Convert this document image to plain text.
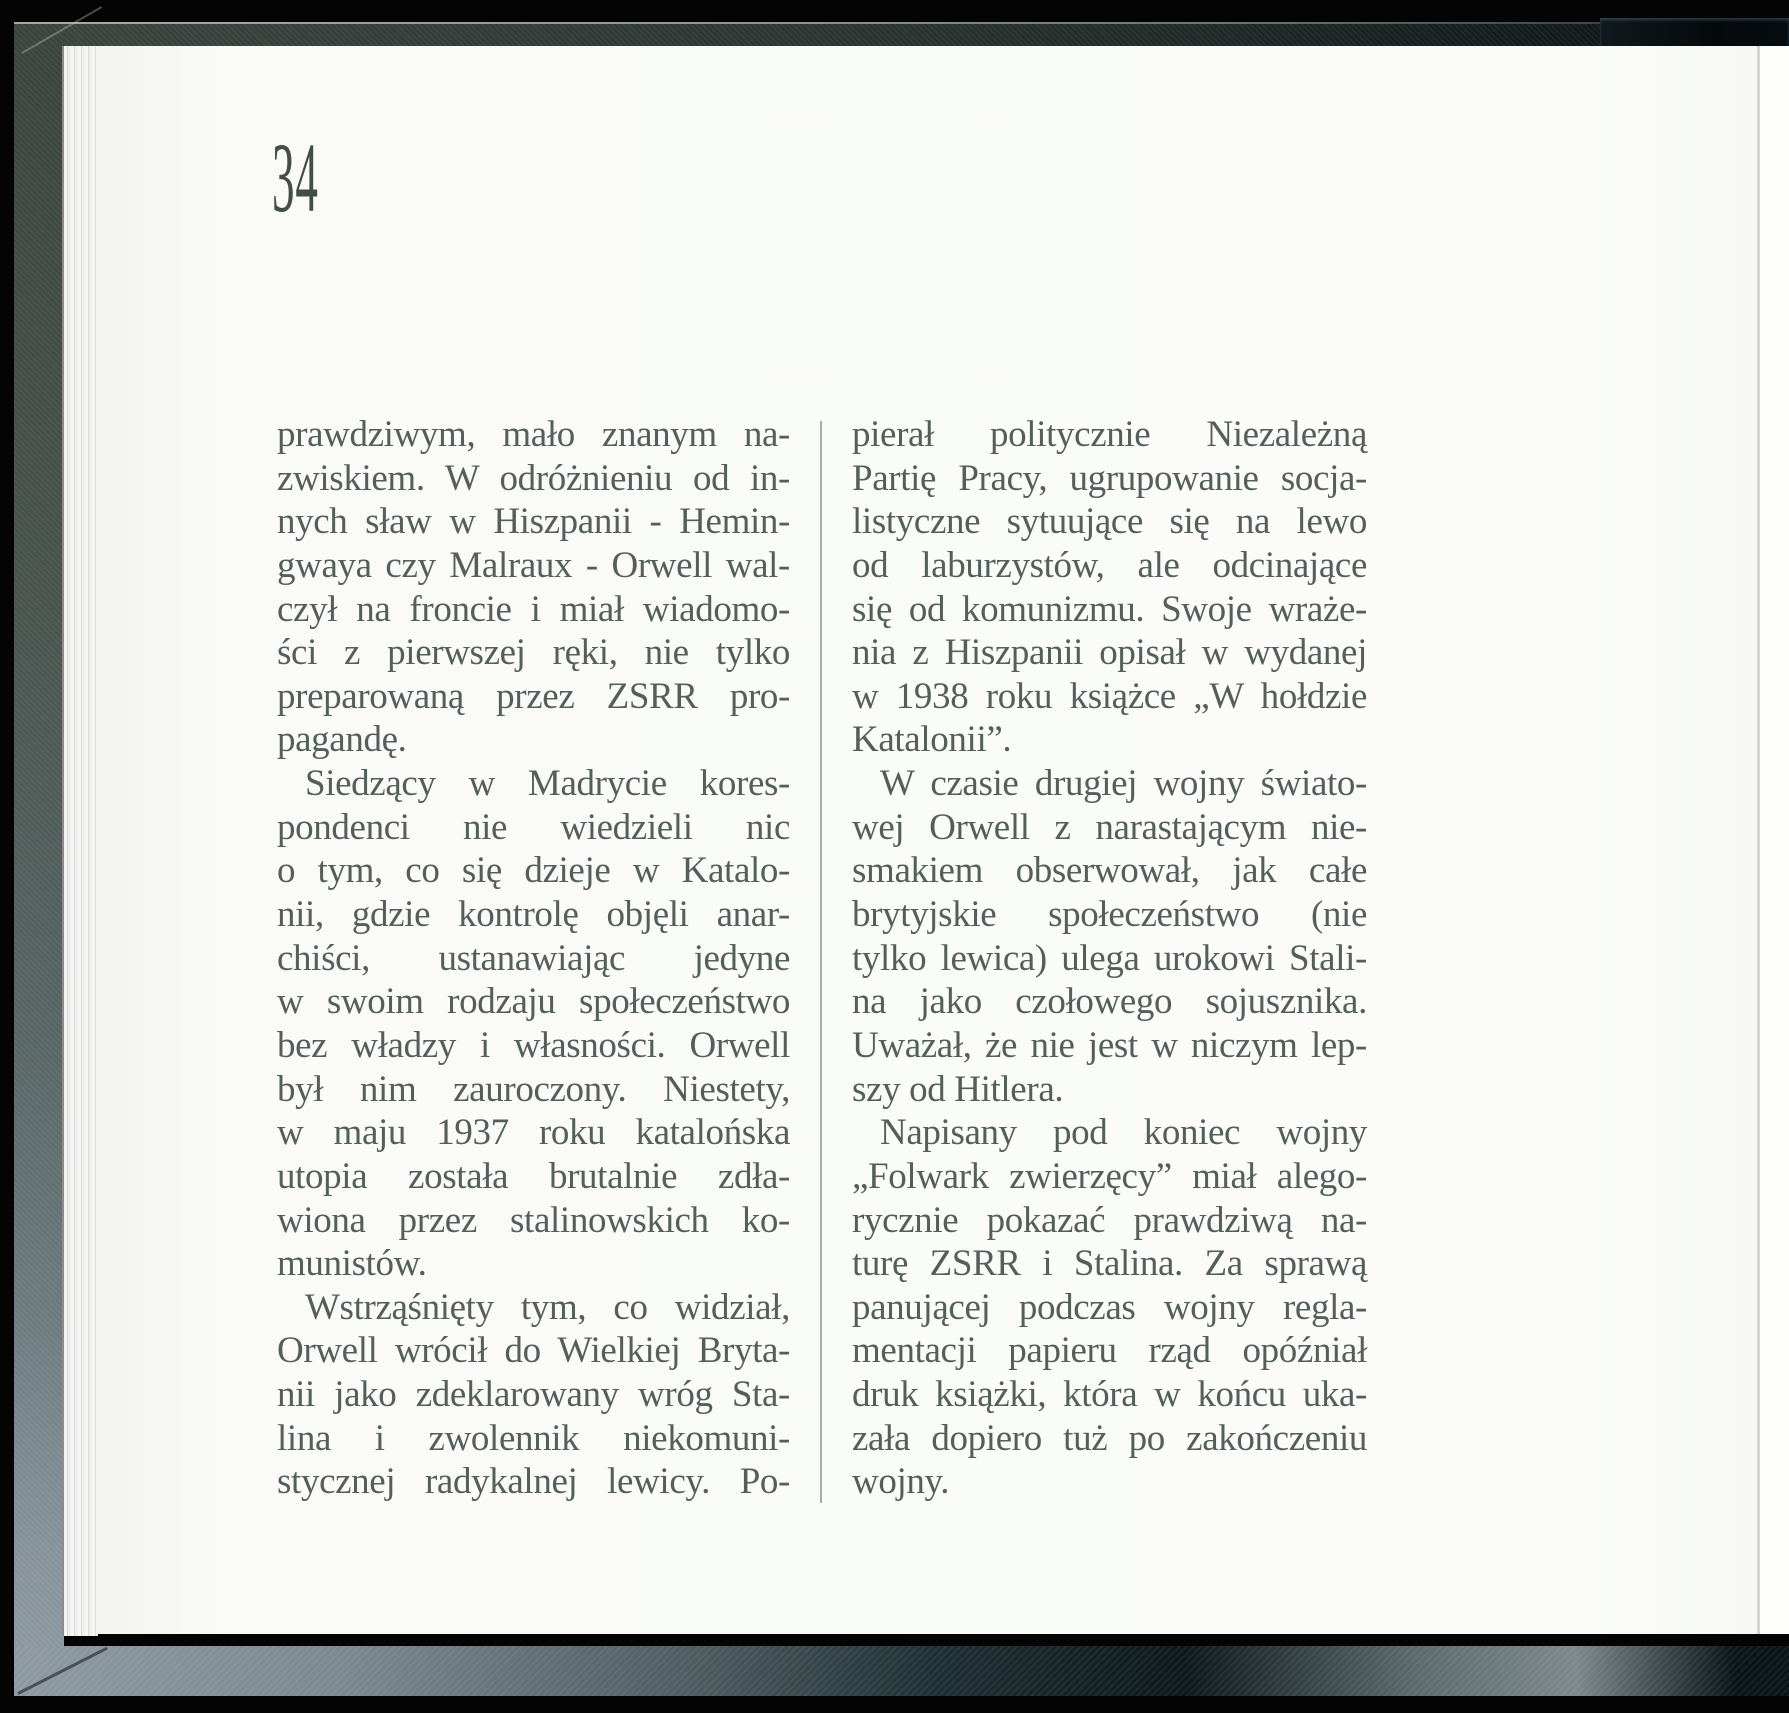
34
prawdziwym, mało znanym na-
zwiskiem. W odróżnieniu od in-
nych sław w Hiszpanii - Hemin-
gwaya czy Malraux - Orwell wal-
czył na froncie i miał wiadomo-
ści z pierwszej ręki, nie tylko
preparowaną przez ZSRR pro-
pagandę.
Siedzący w Madrycie kores-
pondenci nie wiedzieli nic
o tym, co się dzieje w Katalo-
nii, gdzie kontrolę objęli anar-
chiści, ustanawiając jedyne
w swoim rodzaju społeczeństwo
bez władzy i własności. Orwell
był nim zauroczony. Niestety,
w maju 1937 roku katalońska
utopia została brutalnie zdła-
wiona przez stalinowskich ko-
munistów.
Wstrząśnięty tym, co widział,
Orwell wrócił do Wielkiej Bryta-
nii jako zdeklarowany wróg Sta-
lina i zwolennik niekomuni-
stycznej radykalnej lewicy. Po-
pierał politycznie Niezależną
Partię Pracy, ugrupowanie socja-
listyczne sytuujące się na lewo
od laburzystów, ale odcinające
się od komunizmu. Swoje wraże-
nia z Hiszpanii opisał w wydanej
w 1938 roku książce „W hołdzie
Katalonii”.
W czasie drugiej wojny świato-
wej Orwell z narastającym nie-
smakiem obserwował, jak całe
brytyjskie społeczeństwo (nie
tylko lewica) ulega urokowi Stali-
na jako czołowego sojusznika.
Uważał, że nie jest w niczym lep-
szy od Hitlera.
Napisany pod koniec wojny
„Folwark zwierzęcy” miał alego-
rycznie pokazać prawdziwą na-
turę ZSRR i Stalina. Za sprawą
panującej podczas wojny regla-
mentacji papieru rząd opóźniał
druk książki, która w końcu uka-
zała dopiero tuż po zakończeniu
wojny.
